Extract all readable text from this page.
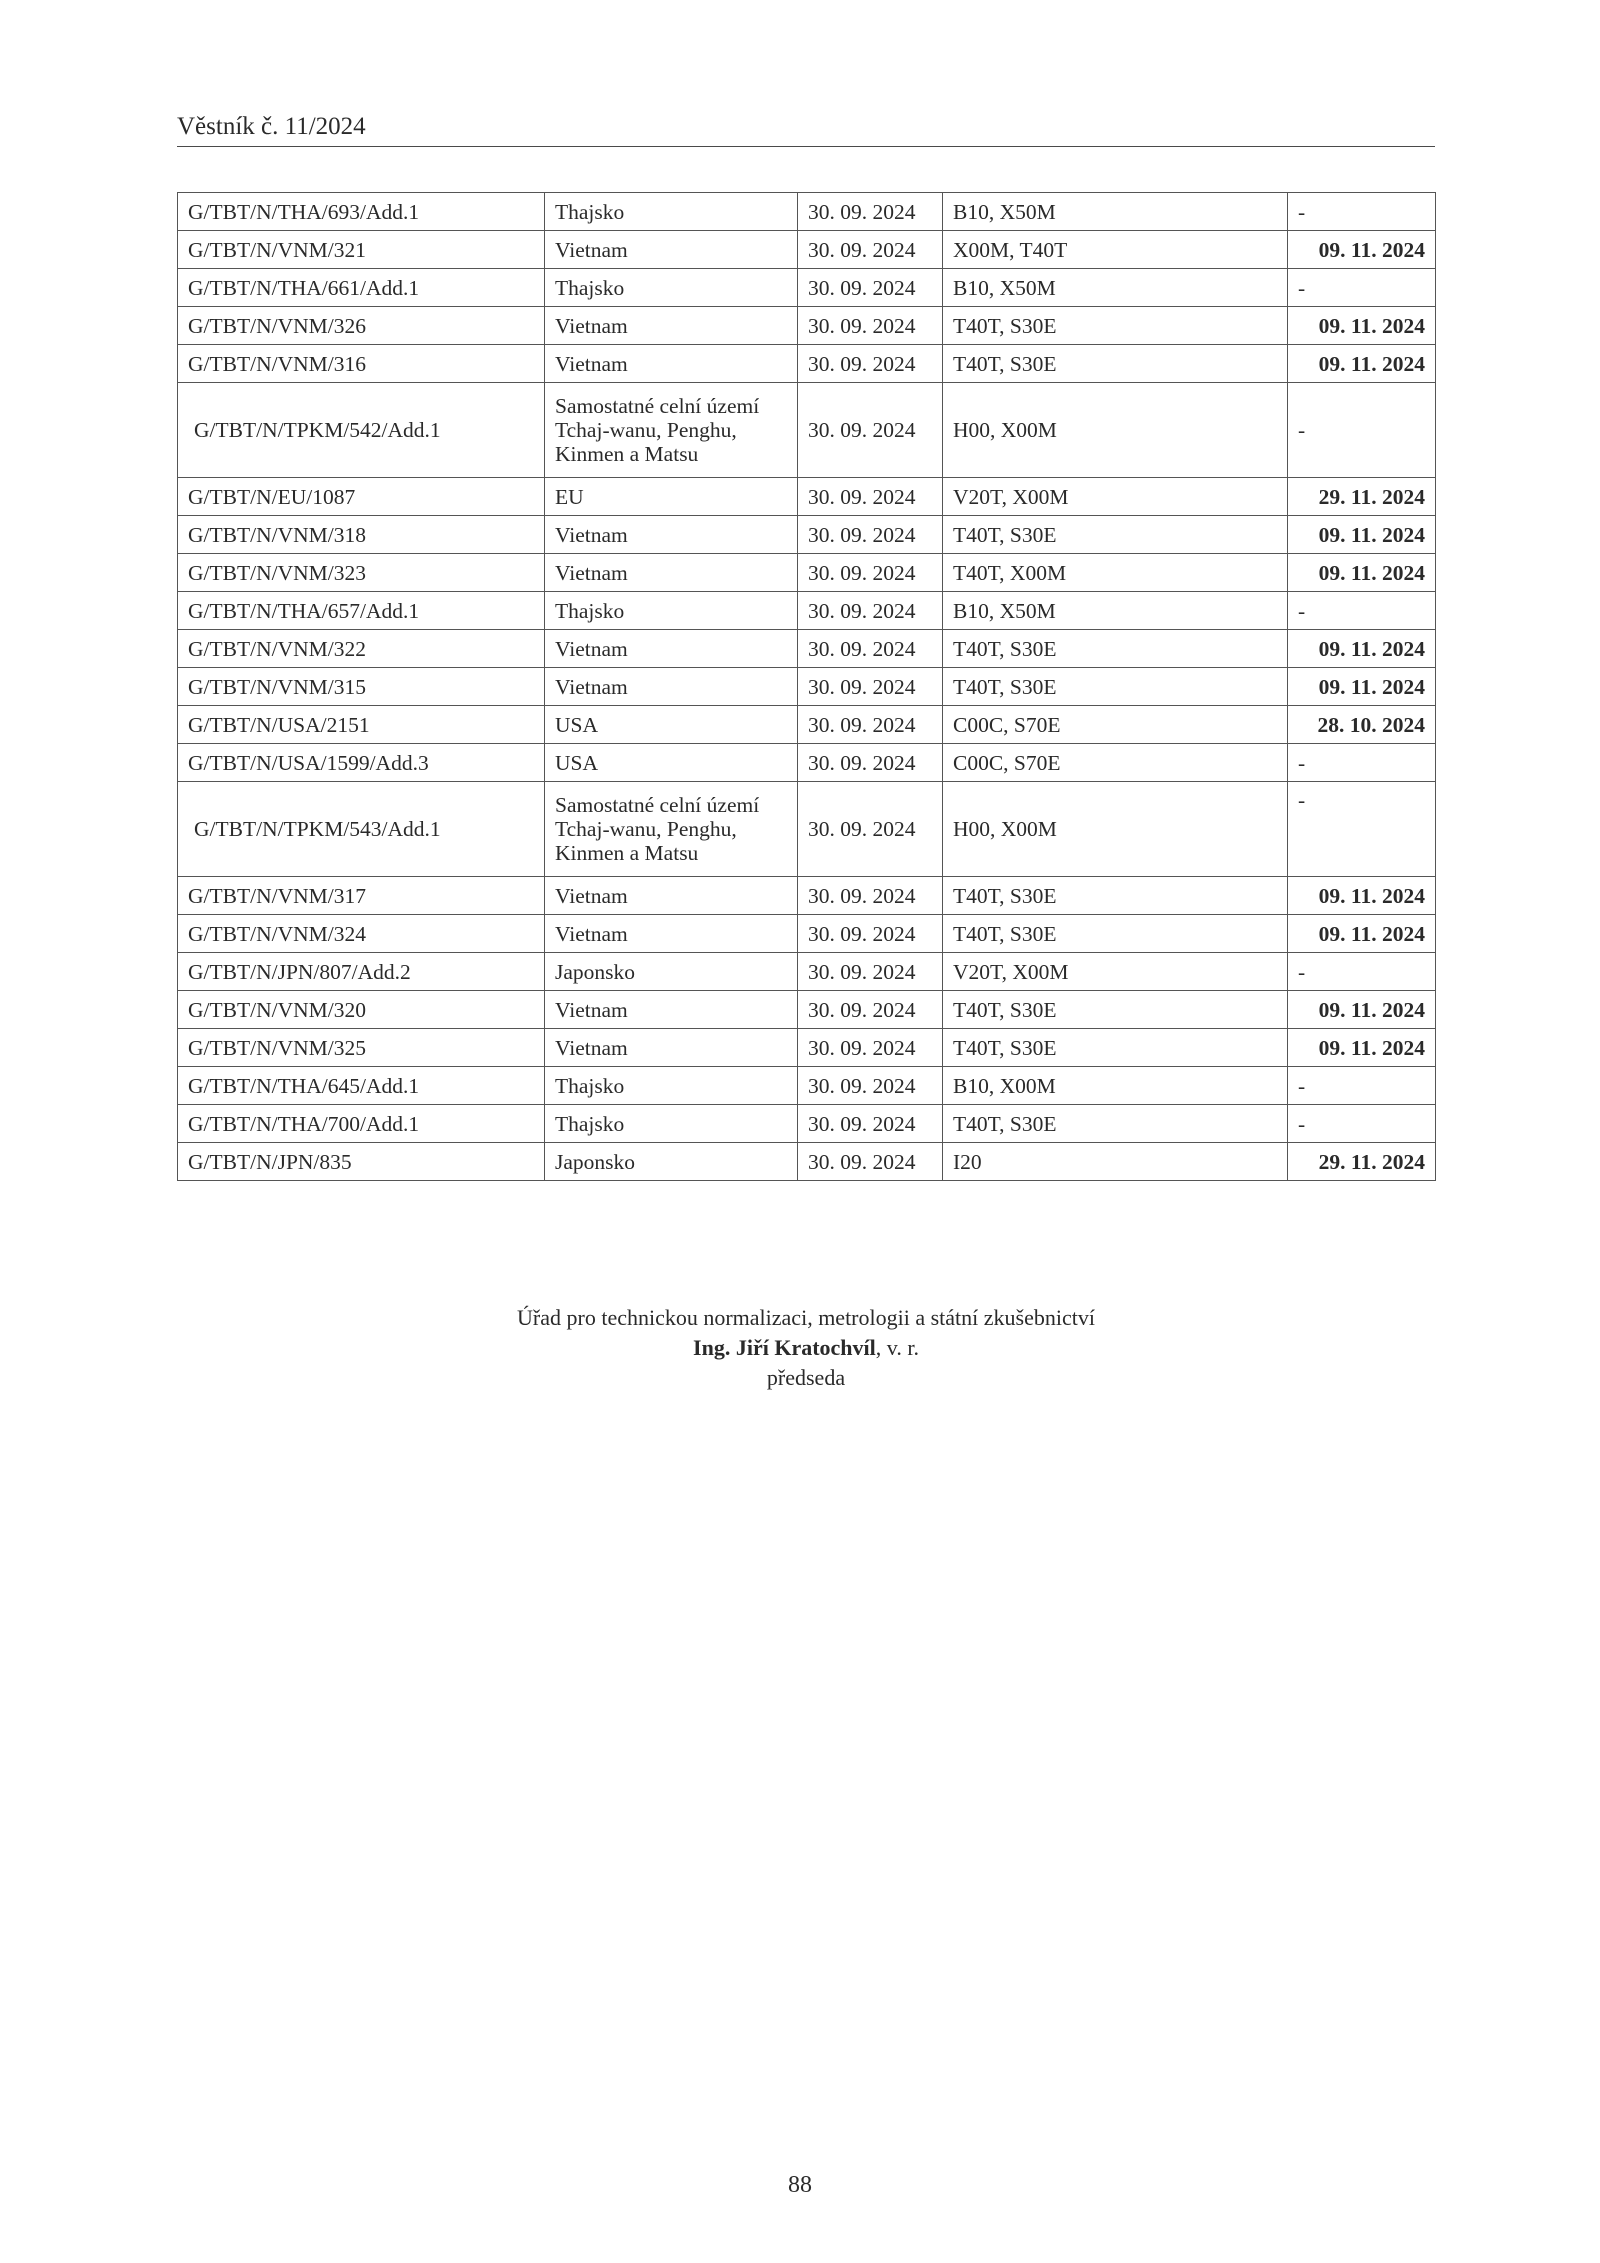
Věstník č. 11/2024
G/TBT/N/THA/693/Add.1	Thajsko	30. 09. 2024	B10, X50M	-
G/TBT/N/VNM/321	Vietnam	30. 09. 2024	X00M, T40T	09. 11. 2024
G/TBT/N/THA/661/Add.1	Thajsko	30. 09. 2024	B10, X50M	-
G/TBT/N/VNM/326	Vietnam	30. 09. 2024	T40T, S30E	09. 11. 2024
G/TBT/N/VNM/316	Vietnam	30. 09. 2024	T40T, S30E	09. 11. 2024
G/TBT/N/TPKM/542/Add.1	Samostatné celní území Tchaj-wanu, Penghu, Kinmen a Matsu	30. 09. 2024	H00, X00M	-
G/TBT/N/EU/1087	EU	30. 09. 2024	V20T, X00M	29. 11. 2024
G/TBT/N/VNM/318	Vietnam	30. 09. 2024	T40T, S30E	09. 11. 2024
G/TBT/N/VNM/323	Vietnam	30. 09. 2024	T40T, X00M	09. 11. 2024
G/TBT/N/THA/657/Add.1	Thajsko	30. 09. 2024	B10, X50M	-
G/TBT/N/VNM/322	Vietnam	30. 09. 2024	T40T, S30E	09. 11. 2024
G/TBT/N/VNM/315	Vietnam	30. 09. 2024	T40T, S30E	09. 11. 2024
G/TBT/N/USA/2151	USA	30. 09. 2024	C00C, S70E	28. 10. 2024
G/TBT/N/USA/1599/Add.3	USA	30. 09. 2024	C00C, S70E	-
G/TBT/N/TPKM/543/Add.1	Samostatné celní území Tchaj-wanu, Penghu, Kinmen a Matsu	30. 09. 2024	H00, X00M	-
G/TBT/N/VNM/317	Vietnam	30. 09. 2024	T40T, S30E	09. 11. 2024
G/TBT/N/VNM/324	Vietnam	30. 09. 2024	T40T, S30E	09. 11. 2024
G/TBT/N/JPN/807/Add.2	Japonsko	30. 09. 2024	V20T, X00M	-
G/TBT/N/VNM/320	Vietnam	30. 09. 2024	T40T, S30E	09. 11. 2024
G/TBT/N/VNM/325	Vietnam	30. 09. 2024	T40T, S30E	09. 11. 2024
G/TBT/N/THA/645/Add.1	Thajsko	30. 09. 2024	B10, X00M	-
G/TBT/N/THA/700/Add.1	Thajsko	30. 09. 2024	T40T, S30E	-
G/TBT/N/JPN/835	Japonsko	30. 09. 2024	I20	29. 11. 2024
Úřad pro technickou normalizaci, metrologii a státní zkušebnictví
Ing. Jiří Kratochvíl, v. r.
předseda
88
